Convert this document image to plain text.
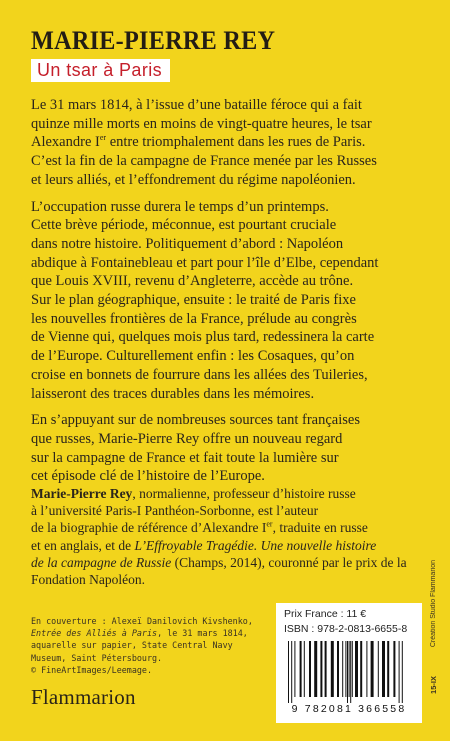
MARIE-PIERRE REY
Un tsar à Paris
Le 31 mars 1814, à l’issue d’une bataille féroce qui a fait
quinze mille morts en moins de vingt-quatre heures, le tsar
Alexandre Ier entre triomphalement dans les rues de Paris.
C’est la fin de la campagne de France menée par les Russes
et leurs alliés, et l’effondrement du régime napoléonien.
L’occupation russe durera le temps d’un printemps.
Cette brève période, méconnue, est pourtant cruciale
dans notre histoire. Politiquement d’abord : Napoléon
abdique à Fontainebleau et part pour l’île d’Elbe, cependant
que Louis XVIII, revenu d’Angleterre, accède au trône.
Sur le plan géographique, ensuite : le traité de Paris fixe
les nouvelles frontières de la France, prélude au congrès
de Vienne qui, quelques mois plus tard, redessinera la carte
de l’Europe. Culturellement enfin : les Cosaques, qu’on
croise en bonnets de fourrure dans les allées des Tuileries,
laisseront des traces durables dans les mémoires.
En s’appuyant sur de nombreuses sources tant françaises
que russes, Marie-Pierre Rey offre un nouveau regard
sur la campagne de France et fait toute la lumière sur
cet épisode clé de l’histoire de l’Europe.
Marie-Pierre Rey, normalienne, professeur d’histoire russe
à l’université Paris-I Panthéon-Sorbonne, est l’auteur
de la biographie de référence d’Alexandre Ier, traduite en russe
et en anglais, et de L’Effroyable Tragédie. Une nouvelle histoire
de la campagne de Russie (Champs, 2014), couronné par le prix de la
Fondation Napoléon.
En couverture : Alexeï Danilovich Kivshenko,
Entrée des Alliés à Paris, le 31 mars 1814,
aquarelle sur papier, State Central Navy
Museum, Saint Pétersbourg.
© FineArtImages/Leemage.
Flammarion
Prix France : 11 €
ISBN : 978-2-0813-6655-8
9 782081 366558
Création Studio Flammarion
15-IX
